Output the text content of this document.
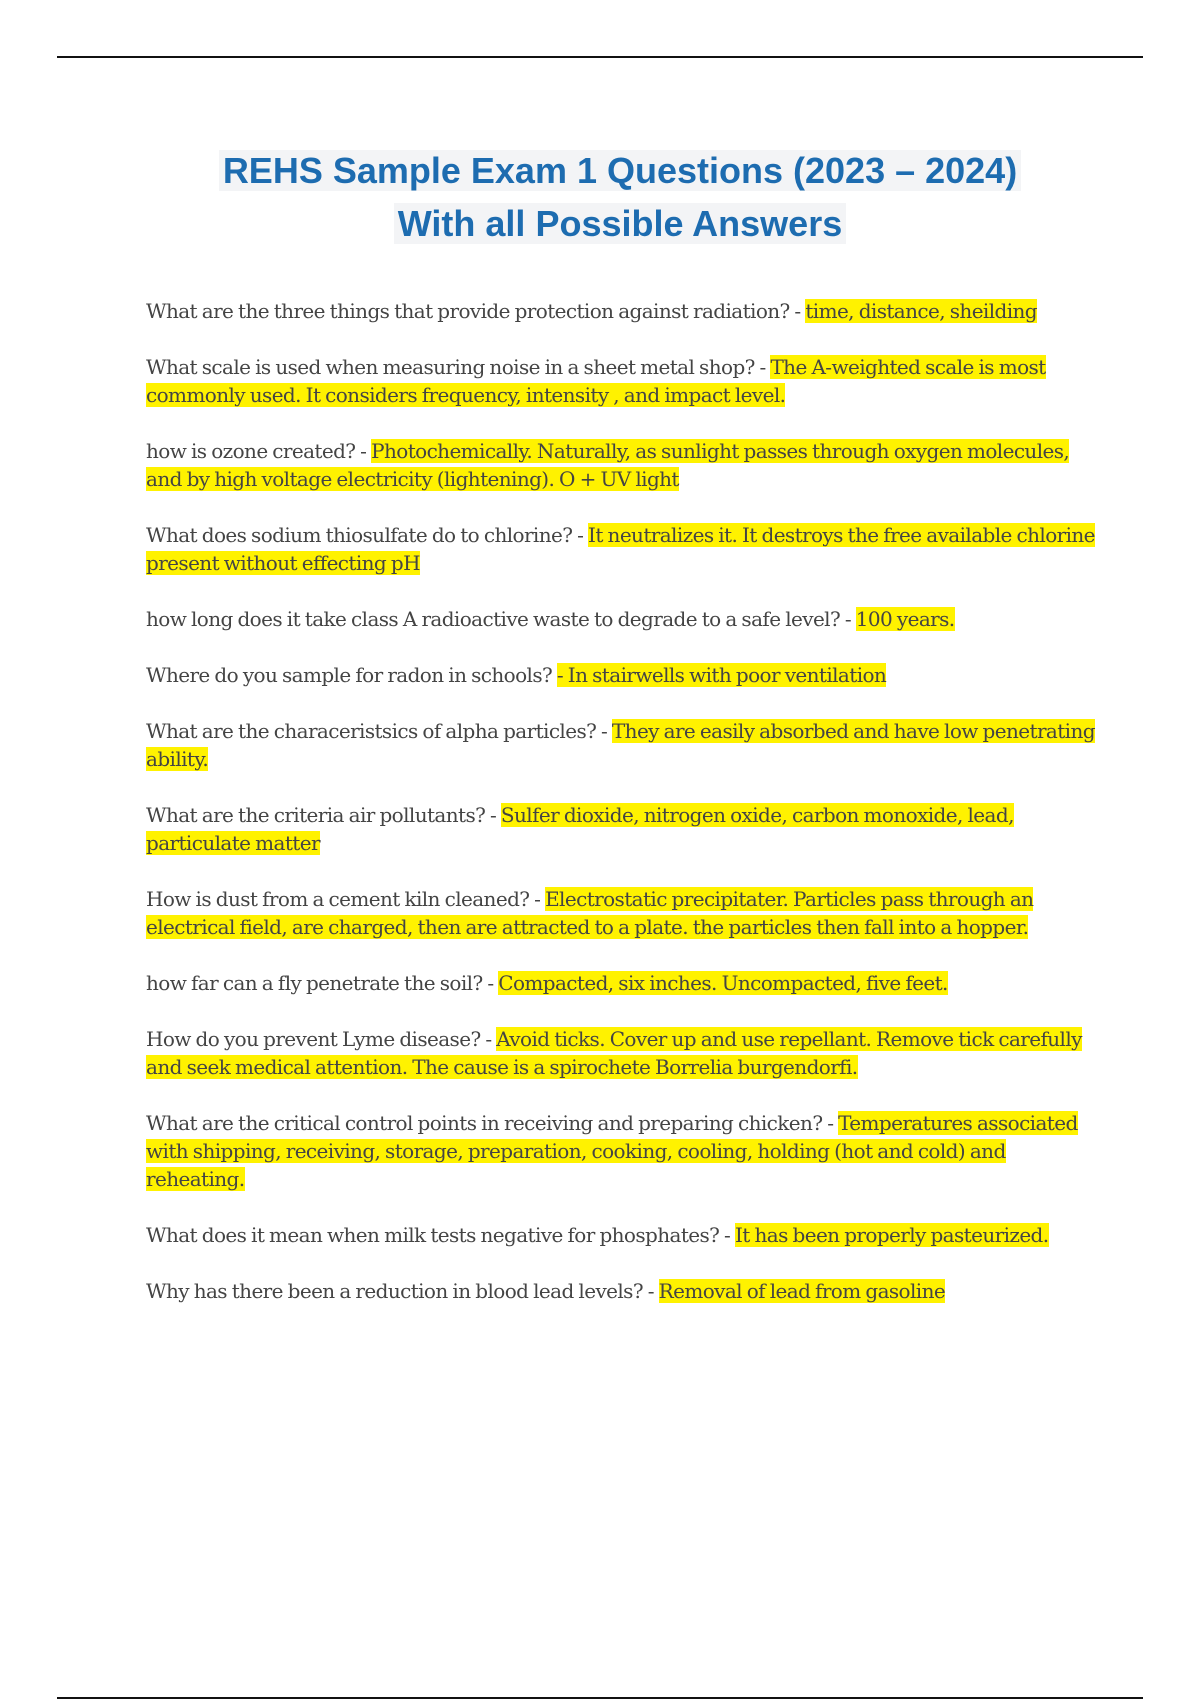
REHS Sample Exam 1 Questions (2023 – 2024)
With all Possible Answers

What are the three things that provide protection against radiation? - time, distance, sheilding

What scale is used when measuring noise in a sheet metal shop? - The A-weighted scale is most commonly used. It considers frequency, intensity , and impact level.

how is ozone created? - Photochemically. Naturally, as sunlight passes through oxygen molecules, and by high voltage electricity (lightening). O + UV light

What does sodium thiosulfate do to chlorine? - It neutralizes it. It destroys the free available chlorine present without effecting pH

how long does it take class A radioactive waste to degrade to a safe level? - 100 years.

Where do you sample for radon in schools? - In stairwells with poor ventilation

What are the characeristsics of alpha particles? - They are easily absorbed and have low penetrating ability.

What are the criteria air pollutants? - Sulfer dioxide, nitrogen oxide, carbon monoxide, lead, particulate matter

How is dust from a cement kiln cleaned? - Electrostatic precipitater. Particles pass through an electrical field, are charged, then are attracted to a plate. the particles then fall into a hopper.

how far can a fly penetrate the soil? - Compacted, six inches. Uncompacted, five feet.

How do you prevent Lyme disease? - Avoid ticks. Cover up and use repellant. Remove tick carefully and seek medical attention. The cause is a spirochete Borrelia burgendorfi.

What are the critical control points in receiving and preparing chicken? - Temperatures associated with shipping, receiving, storage, preparation, cooking, cooling, holding (hot and cold) and reheating.

What does it mean when milk tests negative for phosphates? - It has been properly pasteurized.

Why has there been a reduction in blood lead levels? - Removal of lead from gasoline
